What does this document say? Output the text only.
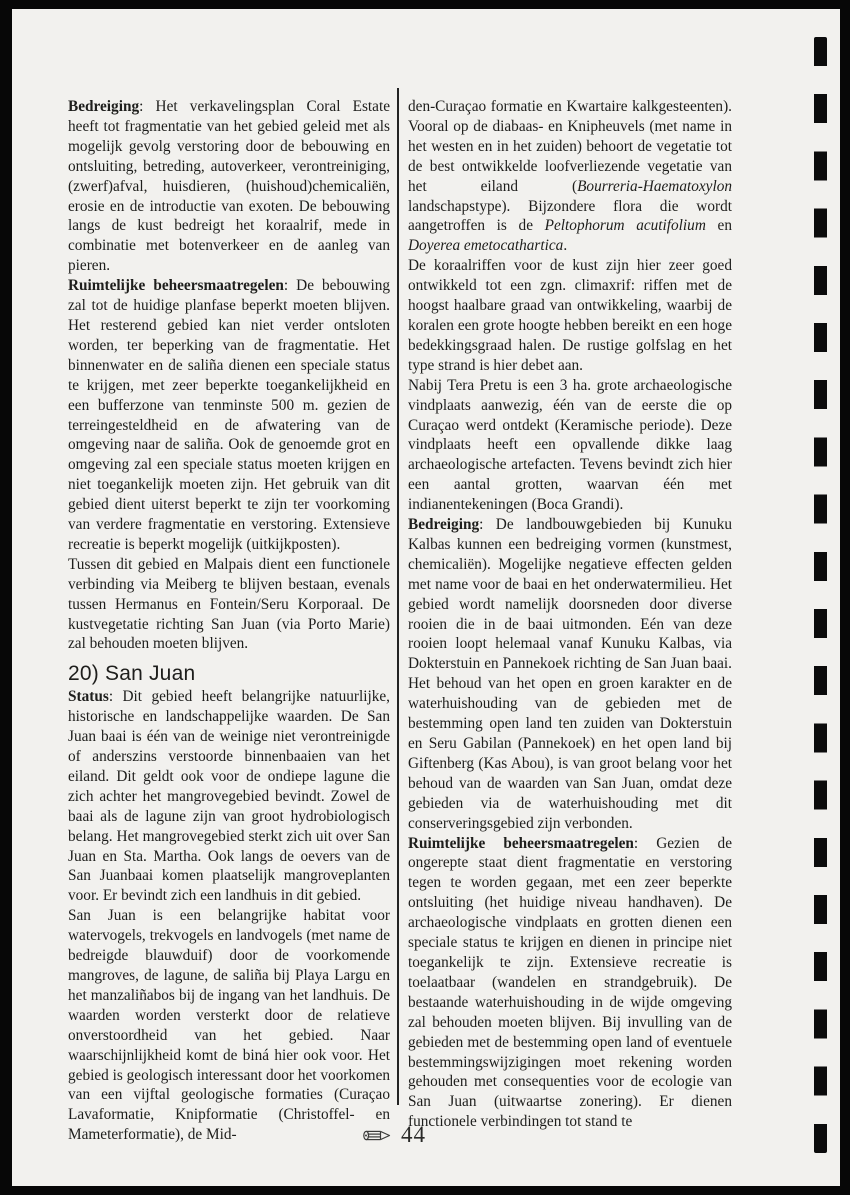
Bedreiging: Het verkavelingsplan Coral Estate heeft tot fragmentatie van het gebied geleid met als mogelijk gevolg verstoring door de bebouwing en ontsluiting, betreding, autoverkeer, verontreiniging, (zwerf)afval, huisdieren, (huishoud)chemicaliën, erosie en de introductie van exoten. De bebouwing langs de kust bedreigt het koraalrif, mede in combinatie met botenverkeer en de aanleg van pieren.

Ruimtelijke beheersmaatregelen: De bebouwing zal tot de huidige planfase beperkt moeten blijven. Het resterend gebied kan niet verder ontsloten worden, ter beperking van de fragmentatie. Het binnenwater en de saliña dienen een speciale status te krijgen, met zeer beperkte toegankelijkheid en een bufferzone van tenminste 500 m. gezien de terreingesteldheid en de afwatering van de omgeving naar de saliña. Ook de genoemde grot en omgeving zal een speciale status moeten krijgen en niet toegankelijk moeten zijn. Het gebruik van dit gebied dient uiterst beperkt te zijn ter voorkoming van verdere fragmentatie en verstoring. Extensieve recreatie is beperkt mogelijk (uitkijkposten).

Tussen dit gebied en Malpais dient een functionele verbinding via Meiberg te blijven bestaan, evenals tussen Hermanus en Fontein/Seru Korporaal. De kustvegetatie richting San Juan (via Porto Marie) zal behouden moeten blijven.

20) San Juan

Status: Dit gebied heeft belangrijke natuurlijke, historische en landschappelijke waarden. De San Juan baai is één van de weinige niet verontreinigde of anderszins verstoorde binnenbaaien van het eiland. Dit geldt ook voor de ondiepe lagune die zich achter het mangrovegebied bevindt. Zowel de baai als de lagune zijn van groot hydrobiologisch belang. Het mangrovegebied sterkt zich uit over San Juan en Sta. Martha. Ook langs de oevers van de San Juanbaai komen plaatselijk mangroveplanten voor. Er bevindt zich een landhuis in dit gebied.

San Juan is een belangrijke habitat voor watervogels, trekvogels en landvogels (met name de bedreigde blauwduif) door de voorkomende mangroves, de lagune, de saliña bij Playa Largu en het manzaliñabos bij de ingang van het landhuis. De waarden worden versterkt door de relatieve onverstoordheid van het gebied. Naar waarschijnlijkheid komt de biná hier ook voor. Het gebied is geologisch interessant door het voorkomen van een vijftal geologische formaties (Curaçao Lavaformatie, Knipformatie (Christoffel- en Mameterformatie), de Mid-

den-Curaçao formatie en Kwartaire kalkgesteenten). Vooral op de diabaas- en Knipheuvels (met name in het westen en in het zuiden) behoort de vegetatie tot de best ontwikkelde loofverliezende vegetatie van het eiland (Bourreria-Haematoxylon landschapstype). Bijzondere flora die wordt aangetroffen is de Peltophorum acutifolium en Doyerea emetocathartica.

De koraalriffen voor de kust zijn hier zeer goed ontwikkeld tot een zgn. climaxrif: riffen met de hoogst haalbare graad van ontwikkeling, waarbij de koralen een grote hoogte hebben bereikt en een hoge bedekkingsgraad halen. De rustige golfslag en het type strand is hier debet aan.

Nabij Tera Pretu is een 3 ha. grote archaeologische vindplaats aanwezig, één van de eerste die op Curaçao werd ontdekt (Keramische periode). Deze vindplaats heeft een opvallende dikke laag archaeologische artefacten. Tevens bevindt zich hier een aantal grotten, waarvan één met indianentekeningen (Boca Grandi).

Bedreiging: De landbouwgebieden bij Kunuku Kalbas kunnen een bedreiging vormen (kunstmest, chemicaliën). Mogelijke negatieve effecten gelden met name voor de baai en het onderwatermilieu. Het gebied wordt namelijk doorsneden door diverse rooien die in de baai uitmonden. Eén van deze rooien loopt helemaal vanaf Kunuku Kalbas, via Dokterstuin en Pannekoek richting de San Juan baai. Het behoud van het open en groen karakter en de waterhuishouding van de gebieden met de bestemming open land ten zuiden van Dokterstuin en Seru Gabilan (Pannekoek) en het open land bij Giftenberg (Kas Abou), is van groot belang voor het behoud van de waarden van San Juan, omdat deze gebieden via de waterhuishouding met dit conserveringsgebied zijn verbonden.

Ruimtelijke beheersmaatregelen: Gezien de ongerepte staat dient fragmentatie en verstoring tegen te worden gegaan, met een zeer beperkte ontsluiting (het huidige niveau handhaven). De archaeologische vindplaats en grotten dienen een speciale status te krijgen en dienen in principe niet toegankelijk te zijn. Extensieve recreatie is toelaatbaar (wandelen en strandgebruik). De bestaande waterhuishouding in de wijde omgeving zal behouden moeten blijven. Bij invulling van de gebieden met de bestemming open land of eventuele bestemmingswijzigingen moet rekening worden gehouden met consequenties voor de ecologie van San Juan (uitwaartse zonering). Er dienen functionele verbindingen tot stand te

44
